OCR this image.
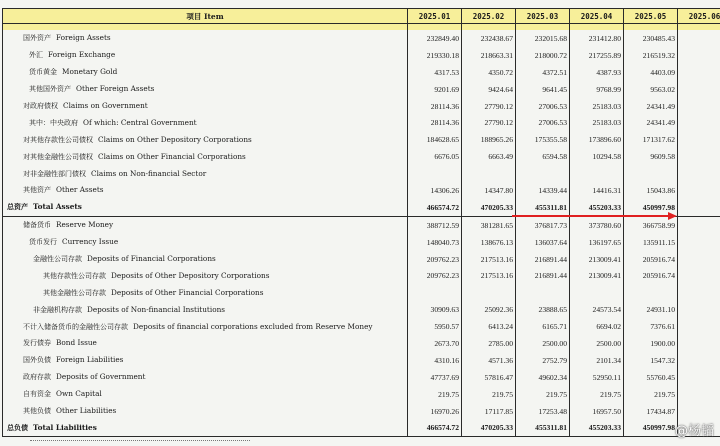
项目 Item	2025.01	2025.02	2025.03	2025.04	2025.05	2025.06

国外资产 Foreign Assets	232849.40	232438.67	232015.68	231412.80	230485.43	
外汇 Foreign Exchange	219330.18	218663.31	218000.72	217255.89	216519.32	
货币黄金 Monetary Gold	4317.53	4350.72	4372.51	4387.93	4403.09	
其他国外资产 Other Foreign Assets	9201.69	9424.64	9641.45	9768.99	9563.02	
对政府债权 Claims on Government	28114.36	27790.12	27006.53	25183.03	24341.49	
其中：中央政府 Of which: Central Government	28114.36	27790.12	27006.53	25183.03	24341.49	
对其他存款性公司债权 Claims on Other Depository Corporations	184628.65	188965.26	175355.58	173896.60	171317.62	
对其他金融性公司债权 Claims on Other Financial Corporations	6676.05	6663.49	6594.58	10294.58	9609.58	
对非金融性部门债权 Claims on Non-financial Sector						
其他资产 Other Assets	14306.26	14347.80	14339.44	14416.31	15043.86	
总资产 Total Assets	466574.72	470205.33	455311.81	455203.33	450997.98	
储备货币 Reserve Money	388712.59	381281.65	376817.73	373780.60	366758.99	
货币发行 Currency Issue	148040.73	138676.13	136037.64	136197.65	135911.15	
金融性公司存款 Deposits of Financial Corporations	209762.23	217513.16	216891.44	213009.41	205916.74	
其他存款性公司存款 Deposits of Other Depository Corporations	209762.23	217513.16	216891.44	213009.41	205916.74	
其他金融性公司存款 Deposits of Other Financial Corporations						
非金融机构存款 Deposits of Non-financial Institutions	30909.63	25092.36	23888.65	24573.54	24931.10	
不计入储备货币的金融性公司存款 Deposits of financial corporations excluded from Reserve Money	5950.57	6413.24	6165.71	6694.02	7376.61	
发行债券 Bond Issue	2673.70	2785.00	2500.00	2500.00	1900.00	
国外负债 Foreign Liabilities	4310.16	4571.36	2752.79	2101.34	1547.32	
政府存款 Deposits of Government	47737.69	57816.47	49602.34	52950.11	55760.45	
自有资金 Own Capital	219.75	219.75	219.75	219.75	219.75	
其他负债 Other Liabilities	16970.26	17117.85	17253.48	16957.50	17434.87	
总负债 Total Liabilities	466574.72	470205.33	455311.81	455203.33	450997.98	@杨韬
